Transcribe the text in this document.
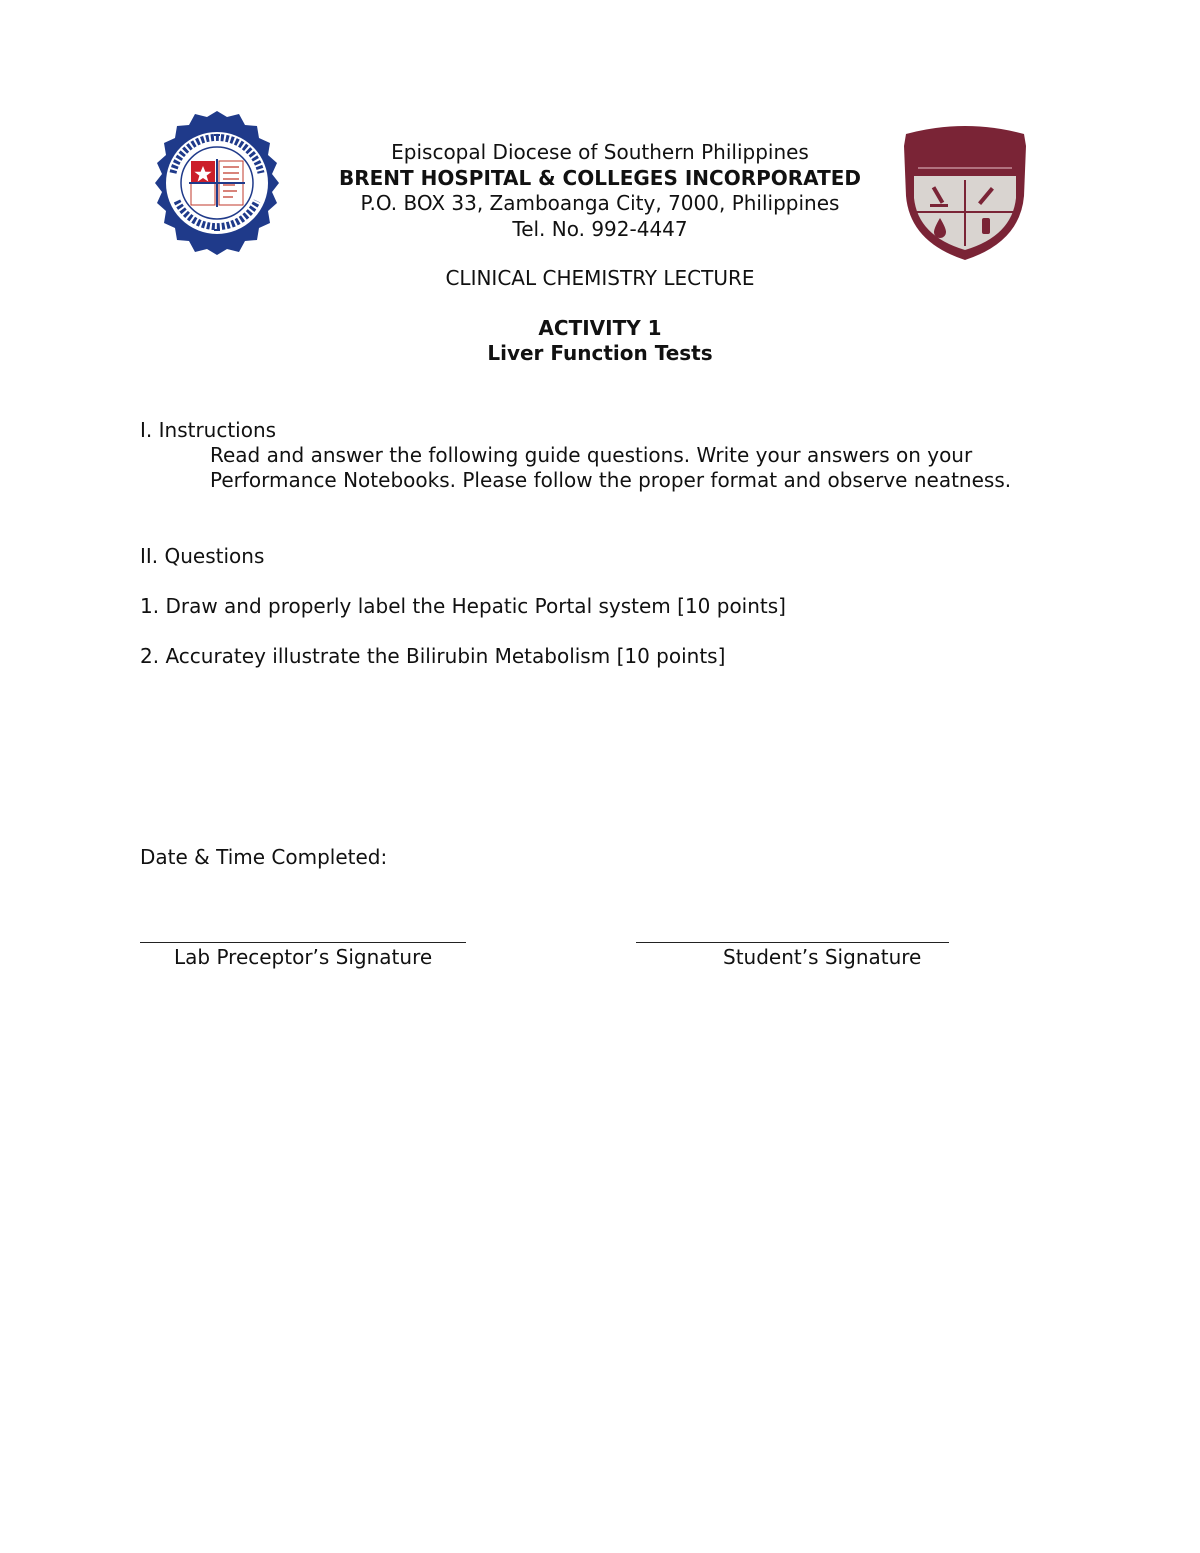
Episcopal Diocese of Southern Philippines
BRENT HOSPITAL & COLLEGES INCORPORATED
P.O. BOX 33, Zamboanga City, 7000, Philippines
Tel. No. 992-4447
CLINICAL CHEMISTRY LECTURE
ACTIVITY 1
Liver Function Tests
I. Instructions
Read and answer the following guide questions. Write your answers on your Performance Notebooks. Please follow the proper format and observe neatness.
II. Questions
1. Draw and properly label the Hepatic Portal system [10 points]
2. Accuratey illustrate the Bilirubin Metabolism [10 points]
Date & Time Completed:
Lab Preceptor’s Signature	Student’s Signature
